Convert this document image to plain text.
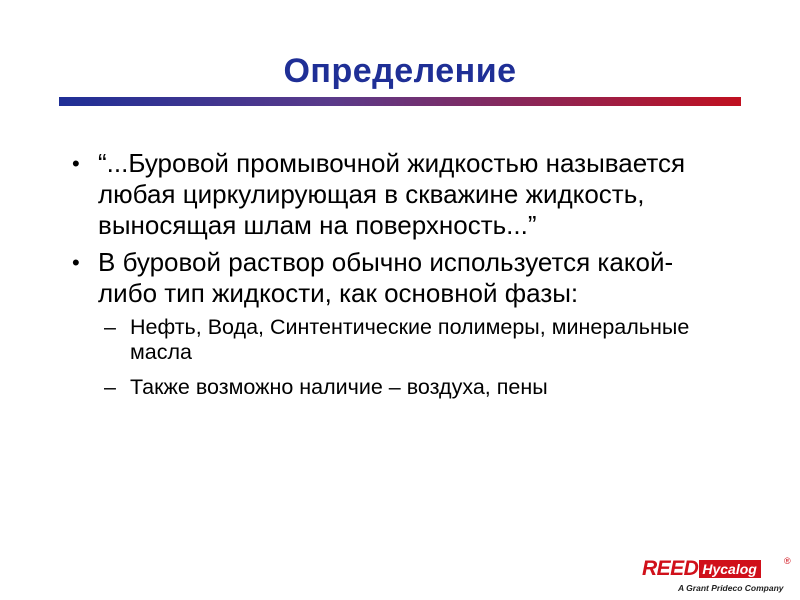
Определение
• “...Буровой промывочной жидкостью называется любая циркулирующая в скважине жидкость, выносящая шлам на поверхность...”
• В буровой раствор обычно используется какой-либо тип жидкости, как основной фазы:
– Нефть, Вода, Синтентические полимеры, минеральные масла
– Также возможно наличие – воздуха, пены
REED Hycalog	®
A Grant Prideco Company
